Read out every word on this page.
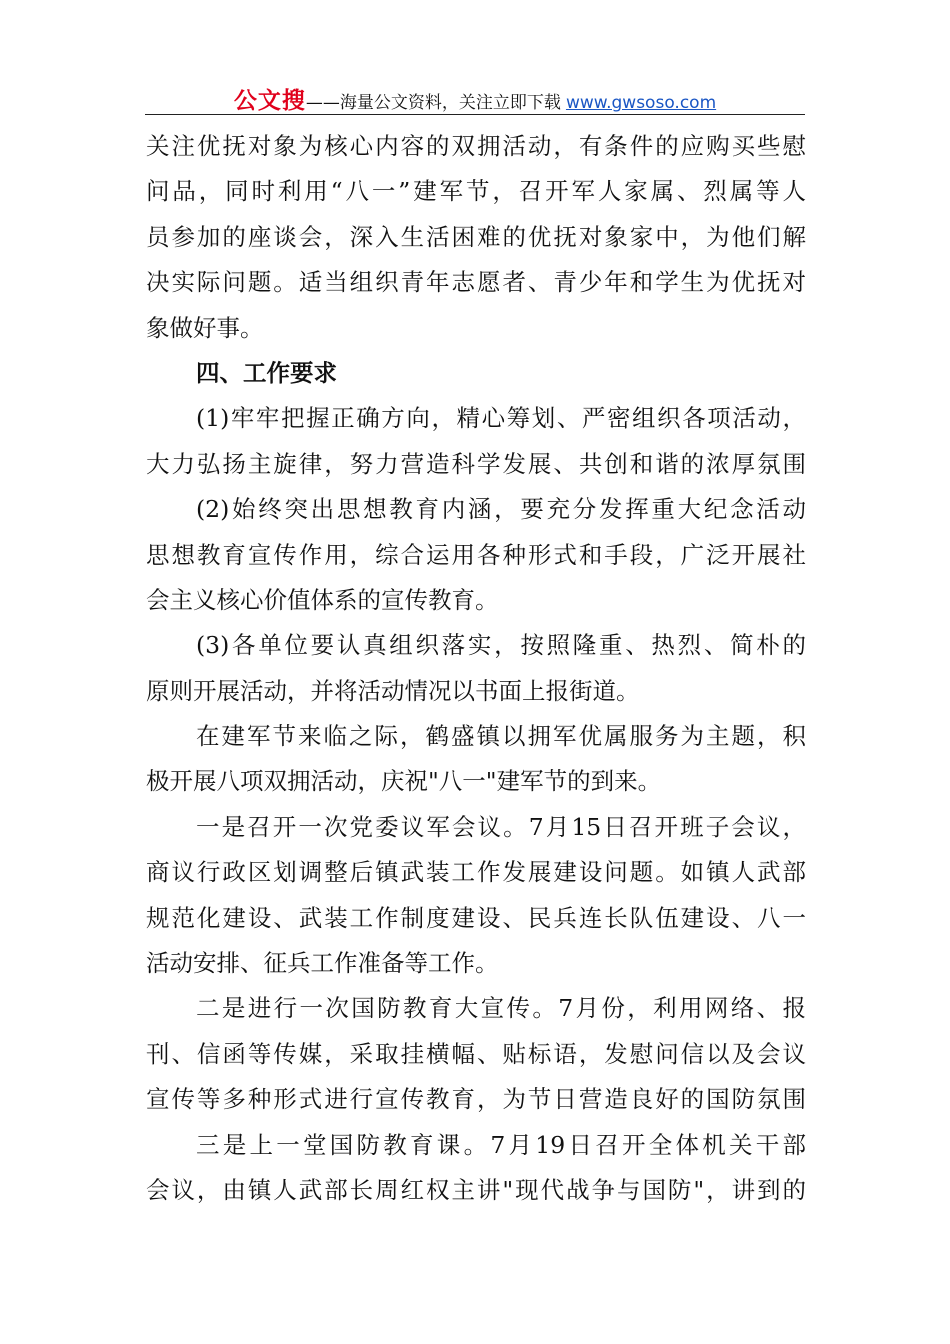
公文搜——海量公文资料，关注立即下载 www.gwsoso.com
关注优抚对象为核心内容的双拥活动，有条件的应购买些慰
问品，同时利用“八一”建军节，召开军人家属、烈属等人
员参加的座谈会，深入生活困难的优抚对象家中，为他们解
决实际问题。适当组织青年志愿者、青少年和学生为优抚对
象做好事。
四、工作要求
(1)牢牢把握正确方向，精心筹划、严密组织各项活动，
大力弘扬主旋律，努力营造科学发展、共创和谐的浓厚氛围
(2)始终突出思想教育内涵，要充分发挥重大纪念活动
思想教育宣传作用，综合运用各种形式和手段，广泛开展社
会主义核心价值体系的宣传教育。
(3)各单位要认真组织落实，按照隆重、热烈、简朴的
原则开展活动，并将活动情况以书面上报街道。
在建军节来临之际，鹤盛镇以拥军优属服务为主题，积
极开展八项双拥活动，庆祝"八一"建军节的到来。
一是召开一次党委议军会议。7月15日召开班子会议，
商议行政区划调整后镇武装工作发展建设问题。如镇人武部
规范化建设、武装工作制度建设、民兵连长队伍建设、八一
活动安排、征兵工作准备等工作。
二是进行一次国防教育大宣传。7月份，利用网络、报
刊、信函等传媒，采取挂横幅、贴标语，发慰问信以及会议
宣传等多种形式进行宣传教育，为节日营造良好的国防氛围
三是上一堂国防教育课。7月19日召开全体机关干部
会议，由镇人武部长周红权主讲"现代战争与国防"，讲到的
